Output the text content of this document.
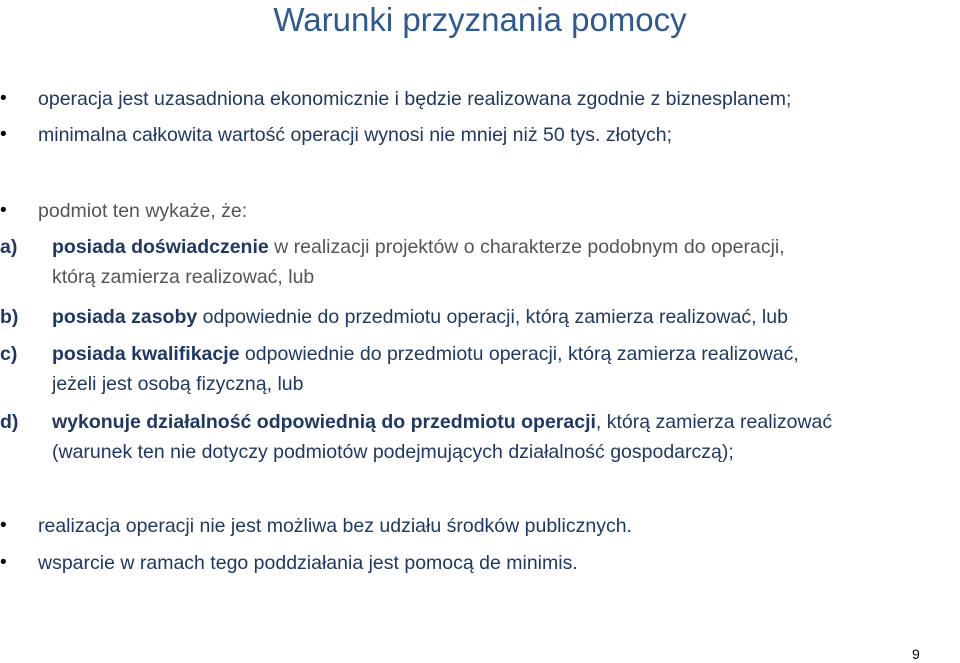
Warunki przyznania pomocy
• operacja jest uzasadniona ekonomicznie i będzie realizowana zgodnie z biznesplanem;
• minimalna całkowita wartość operacji wynosi nie mniej niż 50 tys. złotych;
• podmiot ten wykaże, że:
a) posiada doświadczenie w realizacji projektów o charakterze podobnym do operacji,
którą zamierza realizować, lub
b) posiada zasoby odpowiednie do przedmiotu operacji, którą zamierza realizować, lub
c) posiada kwalifikacje odpowiednie do przedmiotu operacji, którą zamierza realizować,
jeżeli jest osobą fizyczną, lub
d) wykonuje działalność odpowiednią do przedmiotu operacji, którą zamierza realizować
(warunek ten nie dotyczy podmiotów podejmujących działalność gospodarczą);
• realizacja operacji nie jest możliwa bez udziału środków publicznych.
• wsparcie w ramach tego poddziałania jest pomocą de minimis.
9
